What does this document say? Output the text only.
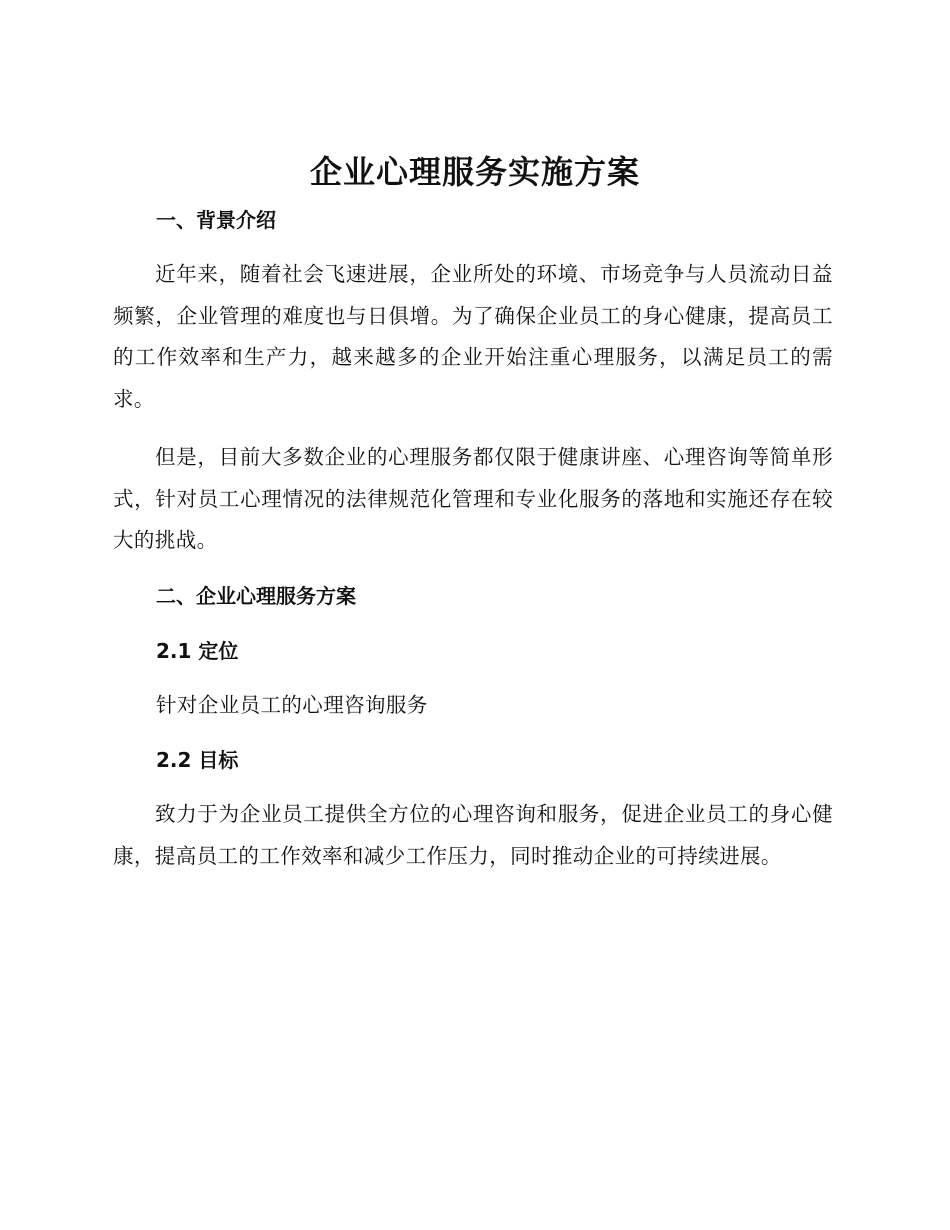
企业心理服务实施方案
一、背景介绍
近年来，随着社会飞速进展，企业所处的环境、市场竞争与人员流动日益频繁，企业管理的难度也与日俱增。为了确保企业员工的身心健康，提高员工的工作效率和生产力，越来越多的企业开始注重心理服务，以满足员工的需求。
但是，目前大多数企业的心理服务都仅限于健康讲座、心理咨询等简单形式，针对员工心理情况的法律规范化管理和专业化服务的落地和实施还存在较大的挑战。
二、企业心理服务方案
2.1 定位
针对企业员工的心理咨询服务
2.2 目标
致力于为企业员工提供全方位的心理咨询和服务，促进企业员工的身心健康，提高员工的工作效率和减少工作压力，同时推动企业的可持续进展。
